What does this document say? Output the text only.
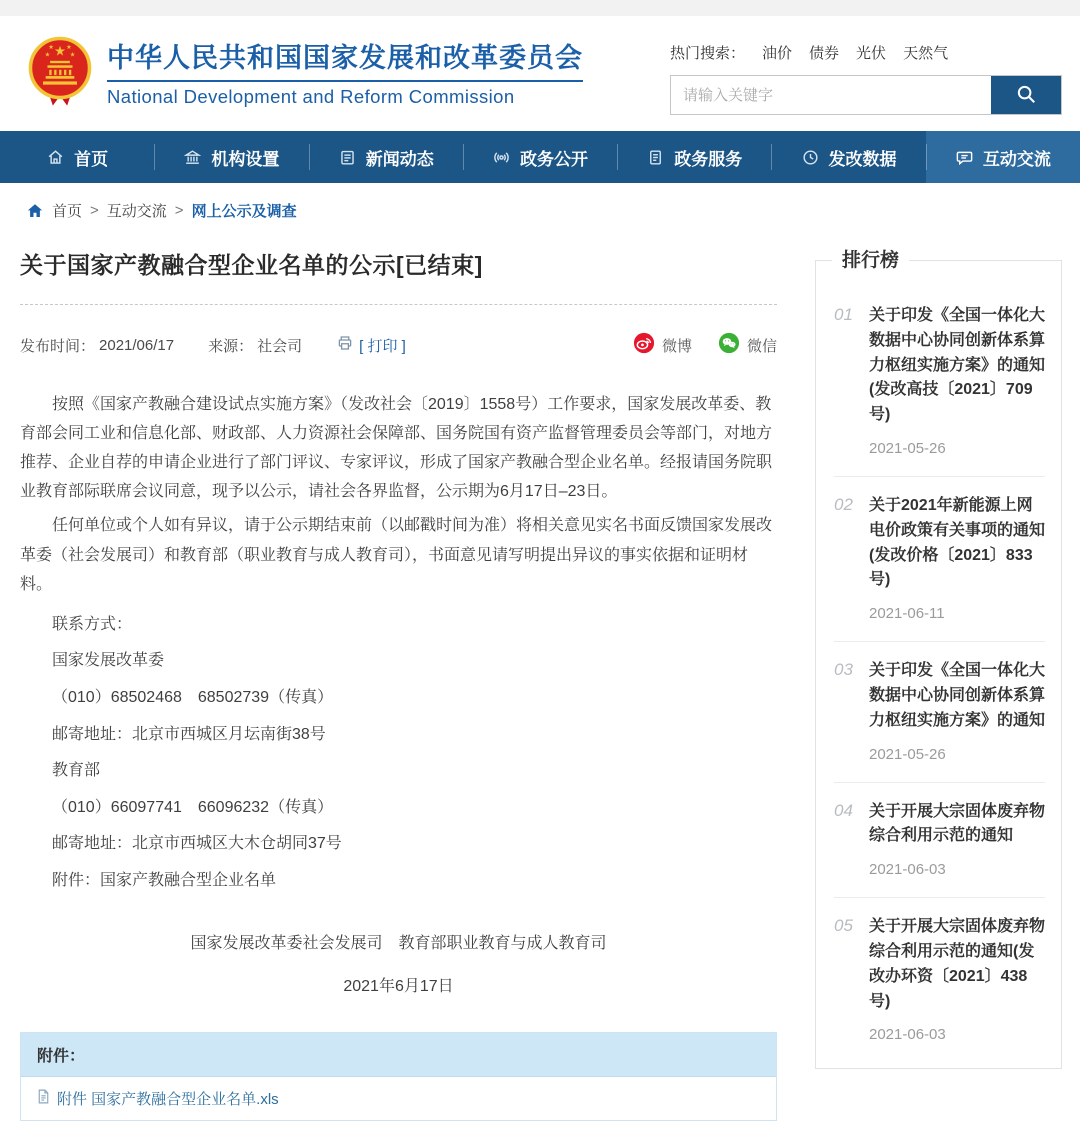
★
★	★
★ ★ 中华人民共和国国家发展和改革委员会
National Development and Reform Commission
热门搜索： 油价 债券 光伏 天然气
请输入关键字
首页	机构设置	新闻动态	政务公开	政务服务	发改数据	互动交流
首页 > 互动交流 > 网上公示及调查
关于国家产教融合型企业名单的公示[已结束]
发布时间： 2021/06/17 来源： 社会司	[ 打印 ]	微博	微信

按照《国家产教融合建设试点实施方案》（发改社会〔2019〕1558号）工作要求，国家发展改革委、教育部会同工业和信息化部、财政部、人力资源社会保障部、国务院国有资产监督管理委员会等部门，对地方推荐、企业自荐的申请企业进行了部门评议、专家评议，形成了国家产教融合型企业名单。经报请国务院职业教育部际联席会议同意，现予以公示，请社会各界监督，公示期为6月17日–23日。

任何单位或个人如有异议，请于公示期结束前（以邮戳时间为准）将相关意见实名书面反馈国家发展改革委（社会发展司）和教育部（职业教育与成人教育司），书面意见请写明提出异议的事实依据和证明材料。

联系方式：

国家发展改革委

（010）68502468　68502739（传真）

邮寄地址：北京市西城区月坛南街38号

教育部

（010）66097741　66096232（传真）

邮寄地址：北京市西城区大木仓胡同37号

附件：国家产教融合型企业名单

国家发展改革委社会发展司　教育部职业教育与成人教育司

2021年6月17日

附件：
附件 国家产教融合型企业名单.xls
排行榜
01	关于印发《全国一体化大数据中心协同创新体系算力枢纽实施方案》的通知(发改高技〔2021〕709号)
2021-05-26
02	关于2021年新能源上网电价政策有关事项的通知(发改价格〔2021〕833号)
2021-06-11
03	关于印发《全国一体化大数据中心协同创新体系算力枢纽实施方案》的通知
2021-05-26
04	关于开展大宗固体废弃物综合利用示范的通知
2021-06-03
05	关于开展大宗固体废弃物综合利用示范的通知(发改办环资〔2021〕438号)
2021-06-03
